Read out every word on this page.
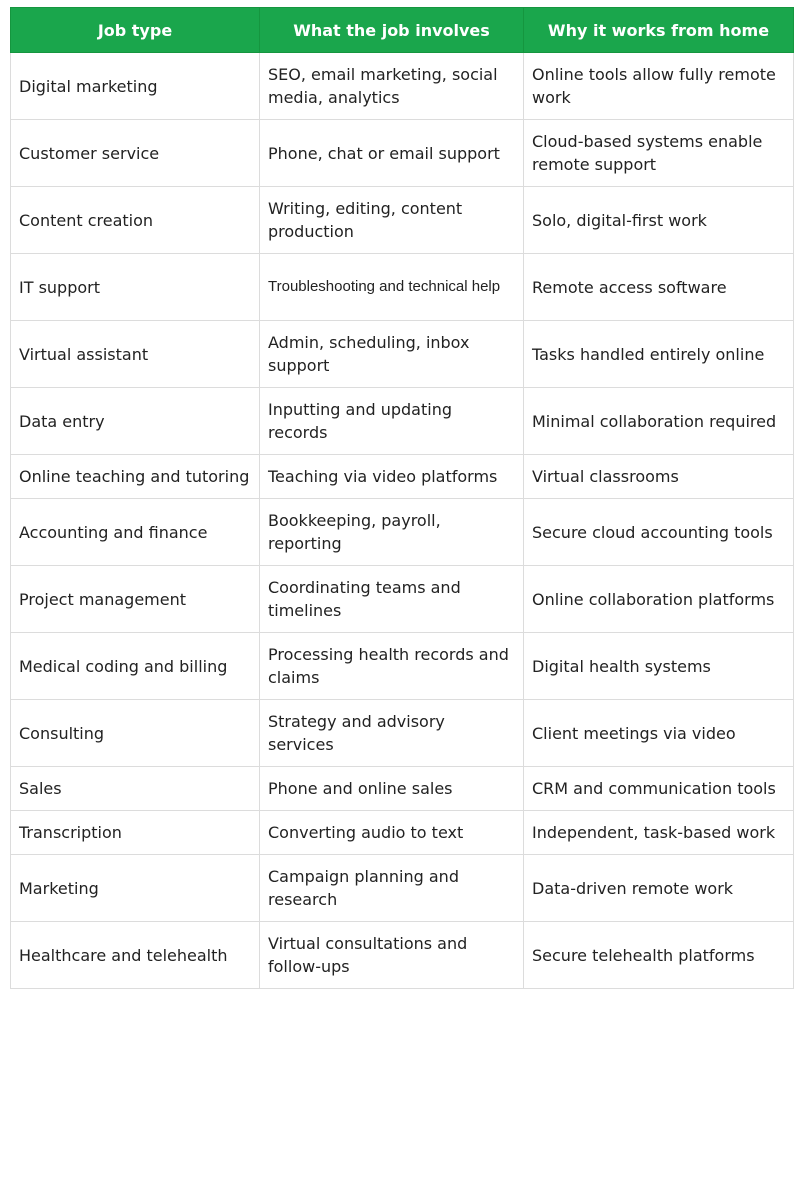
Job type	What the job involves	Why it works from home
Digital marketing	SEO, email marketing, social media, analytics	Online tools allow fully remote work
Customer service	Phone, chat or email support	Cloud-based systems enable remote support
Content creation	Writing, editing, content production	Solo, digital-first work
IT support	Troubleshooting and technical help	Remote access software
Virtual assistant	Admin, scheduling, inbox support	Tasks handled entirely online
Data entry	Inputting and updating records	Minimal collaboration required
Online teaching and tutoring	Teaching via video platforms	Virtual classrooms
Accounting and finance	Bookkeeping, payroll, reporting	Secure cloud accounting tools
Project management	Coordinating teams and timelines	Online collaboration platforms
Medical coding and billing	Processing health records and claims	Digital health systems
Consulting	Strategy and advisory services	Client meetings via video
Sales	Phone and online sales	CRM and communication tools
Transcription	Converting audio to text	Independent, task-based work
Marketing	Campaign planning and research	Data-driven remote work
Healthcare and telehealth	Virtual consultations and follow-ups	Secure telehealth platforms
